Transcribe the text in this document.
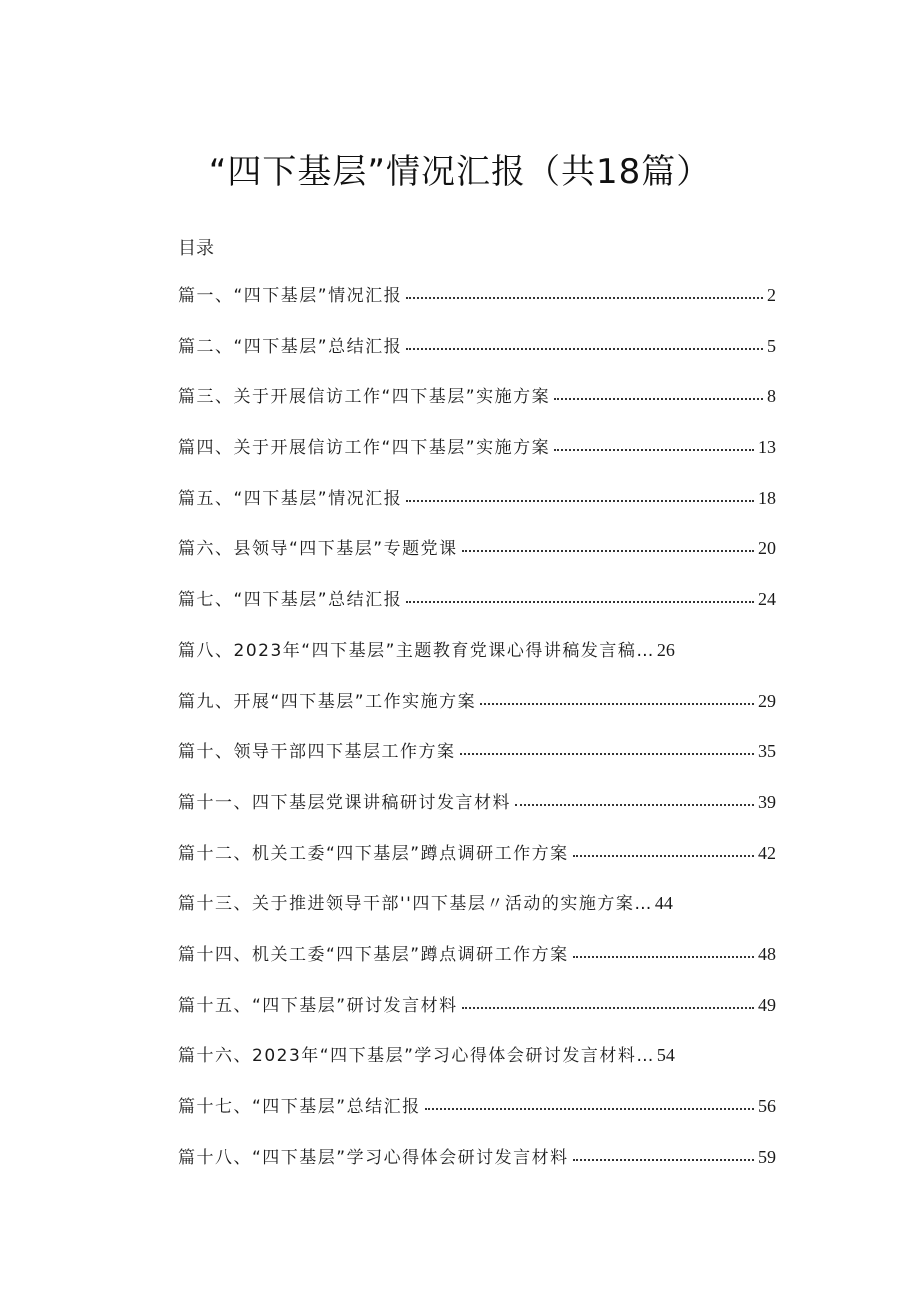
“四下基层”情况汇报（共18篇）
目录
篇一、“四下基层”情况汇报	2
篇二、“四下基层”总结汇报	5
篇三、关于开展信访工作“四下基层”实施方案	8
篇四、关于开展信访工作“四下基层”实施方案	13
篇五、“四下基层”情况汇报	18
篇六、县领导“四下基层”专题党课	20
篇七、“四下基层”总结汇报	24
篇八、2023年“四下基层”主题教育党课心得讲稿发言稿… 26
篇九、开展“四下基层”工作实施方案	29
篇十、领导干部四下基层工作方案	35
篇十一、四下基层党课讲稿研讨发言材料	39
篇十二、机关工委“四下基层”蹲点调研工作方案	42
篇十三、关于推进领导干部''四下基层〃活动的实施方案… 44
篇十四、机关工委“四下基层”蹲点调研工作方案	48
篇十五、“四下基层”研讨发言材料	49
篇十六、2023年“四下基层”学习心得体会研讨发言材料… 54
篇十七、“四下基层”总结汇报	56
篇十八、“四下基层”学习心得体会研讨发言材料	59
